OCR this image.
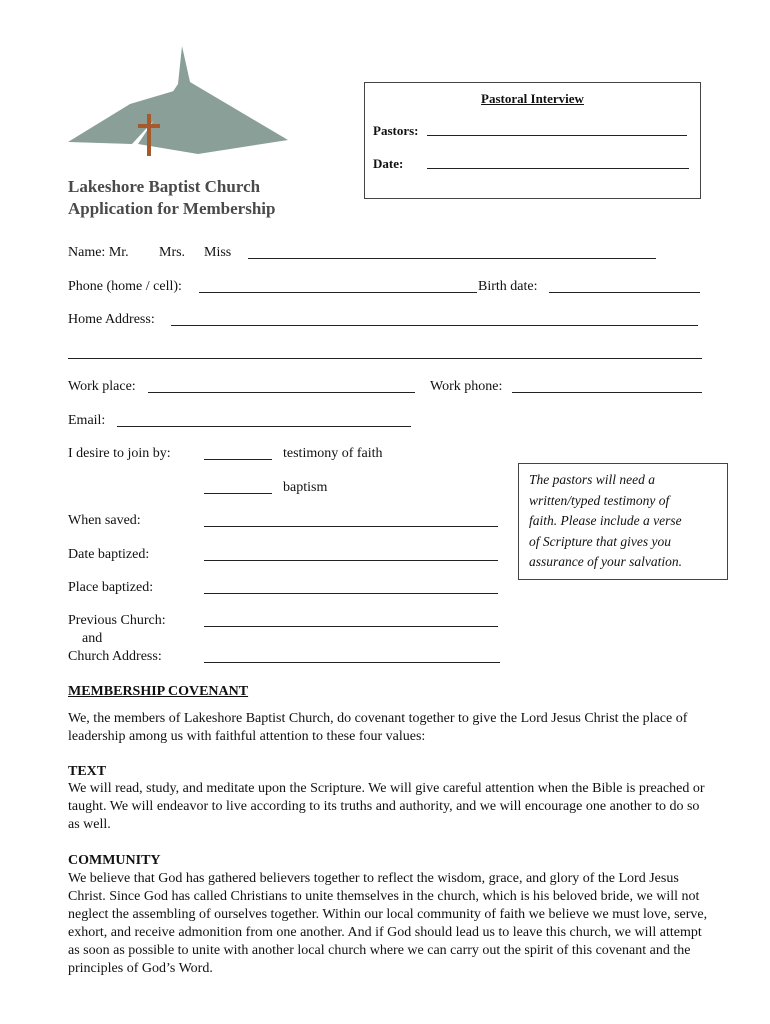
Lakeshore Baptist Church
Application for Membership
Pastoral Interview
Pastors:
Date:
Name: Mr. Mrs. Miss
Phone (home / cell):	Birth date:
Home Address:
Work place:	Work phone:
Email:
I desire to join by:	testimony of faith
baptism
When saved:
Date baptized:
Place baptized:
Previous Church:
and
Church Address:
The pastors will need a
written/typed testimony of
faith. Please include a verse
of Scripture that gives you
assurance of your salvation.
MEMBERSHIP COVENANT
We, the members of Lakeshore Baptist Church, do covenant together to give the Lord Jesus Christ the place of leadership among us with faithful attention to these four values:
TEXT
We will read, study, and meditate upon the Scripture. We will give careful attention when the Bible is preached or taught. We will endeavor to live according to its truths and authority, and we will encourage one another to do so as well.
COMMUNITY
We believe that God has gathered believers together to reflect the wisdom, grace, and glory of the Lord Jesus Christ. Since God has called Christians to unite themselves in the church, which is his beloved bride, we will not neglect the assembling of ourselves together. Within our local community of faith we believe we must love, serve, exhort, and receive admonition from one another. And if God should lead us to leave this church, we will attempt as soon as possible to unite with another local church where we can carry out the spirit of this covenant and the principles of God’s Word.
